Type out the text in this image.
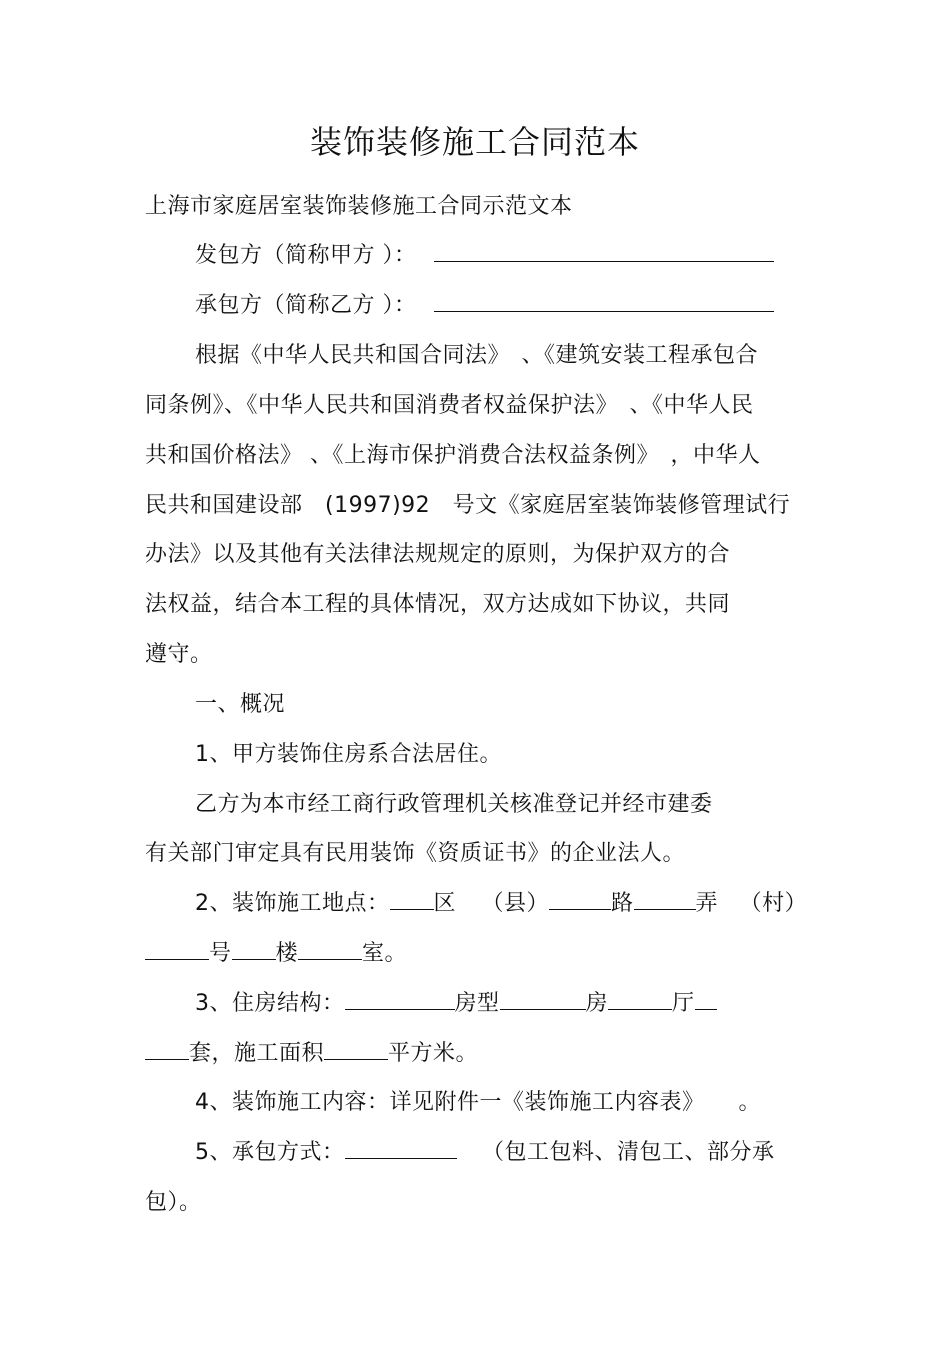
装饰装修施工合同范本
上海市家庭居室装饰装修施工合同示范文本
发包方（简称甲方 ）：
承包方（简称乙方 ）：
根据《中华人民共和国合同法》　、《建筑安装工程承包合
同条例》、《中华人民共和国消费者权益保护法》　、《中华人民
共和国价格法》 、《上海市保护消费合法权益条例》　，中华人
民共和国建设部　(1997)92　号文《家庭居室装饰装修管理试行
办法》以及其他有关法律法规规定的原则，为保护双方的合
法权益，结合本工程的具体情况，双方达成如下协议，共同
遵守。
一、概况
1、甲方装饰住房系合法居住。
乙方为本市经工商行政管理机关核准登记并经市建委
有关部门审定具有民用装饰《资质证书》的企业法人。
2、装饰施工地点： 区 （县）	路	弄 （村）
号 楼	室。
3、住房结构：	房型	房	厅
套，施工面积	平方米。
4、装饰施工内容：详见附件一《装饰施工内容表》　　。
5、承包方式：	（包工包料、清包工、部分承
包）。
